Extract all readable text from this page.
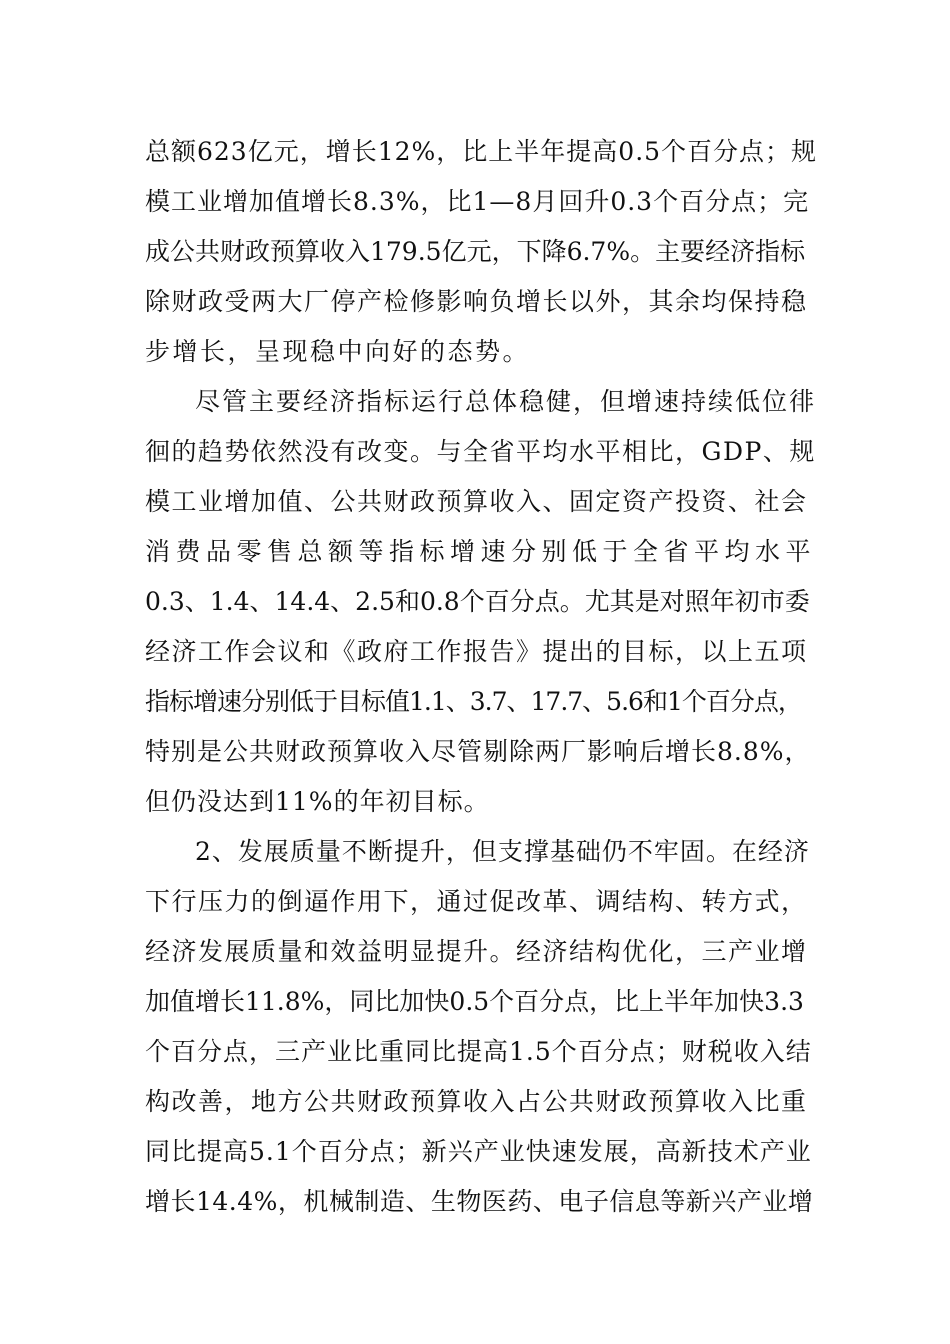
总额623亿元，增长12%，比上半年提高0.5个百分点；规
模工业增加值增长8.3%，比1—8月回升0.3个百分点；完
成公共财政预算收入179.5亿元，下降6.7%。主要经济指标
除财政受两大厂停产检修影响负增长以外，其余均保持稳
步增长，呈现稳中向好的态势。
尽管主要经济指标运行总体稳健，但增速持续低位徘
徊的趋势依然没有改变。与全省平均水平相比，GDP、规
模工业增加值、公共财政预算收入、固定资产投资、社会
消费品零售总额等指标增速分别低于全省平均水平
0.3、1.4、14.4、2.5和0.8个百分点。尤其是对照年初市委
经济工作会议和《政府工作报告》提出的目标，以上五项
指标增速分别低于目标值1.1、3.7、17.7、5.6和1个百分点，
特别是公共财政预算收入尽管剔除两厂影响后增长8.8%，
但仍没达到11%的年初目标。
2、发展质量不断提升，但支撑基础仍不牢固。在经济
下行压力的倒逼作用下，通过促改革、调结构、转方式，
经济发展质量和效益明显提升。经济结构优化，三产业增
加值增长11.8%，同比加快0.5个百分点，比上半年加快3.3
个百分点，三产业比重同比提高1.5个百分点；财税收入结
构改善，地方公共财政预算收入占公共财政预算收入比重
同比提高5.1个百分点；新兴产业快速发展，高新技术产业
增长14.4%，机械制造、生物医药、电子信息等新兴产业增
